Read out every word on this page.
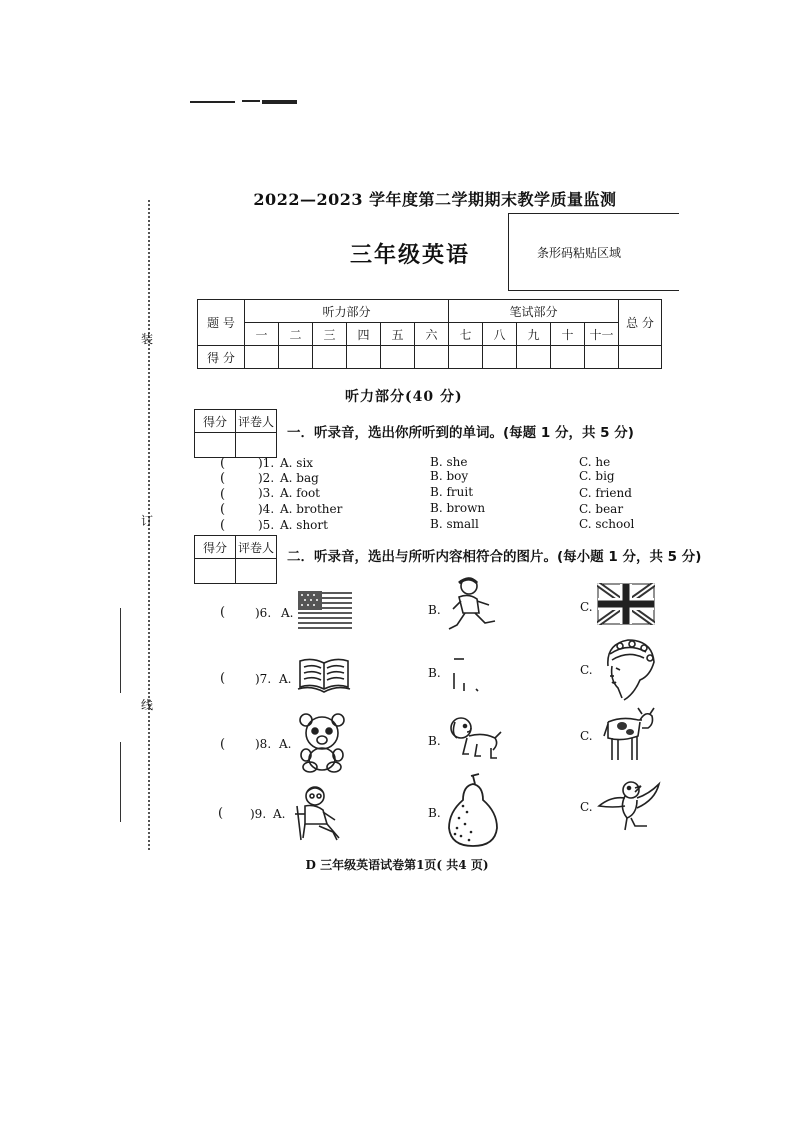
装
订
线
2022—2023 学年度第二学期期末教学质量监测
三年级英语	条形码粘贴区域
题 号	听力部分						笔试部分					总 分
	一	二	三	四	五	六	七	八	九	十	十一	
得 分												
听力部分(40 分)
得分	评卷人

一．听录音，选出你所听到的单词。(每题 1 分，共 5 分)
( )1. A. six	B. she	C. he
( )2. A. bag	B. boy	C. big
( )3. A. foot	B. fruit	C. friend
( )4. A. brother	B. brown	C. bear
( )5. A. short	B. small	C. school
得分	评卷人

二．听录音，选出与所听内容相符合的图片。(每小题 1 分，共 5 分)
( )6. A.	B.	C.
( )7. A.	B.	C.
( )8. A.	B.	C.
( )9. A.	B.	C.
D 三年级英语试卷第1页( 共4 页)
